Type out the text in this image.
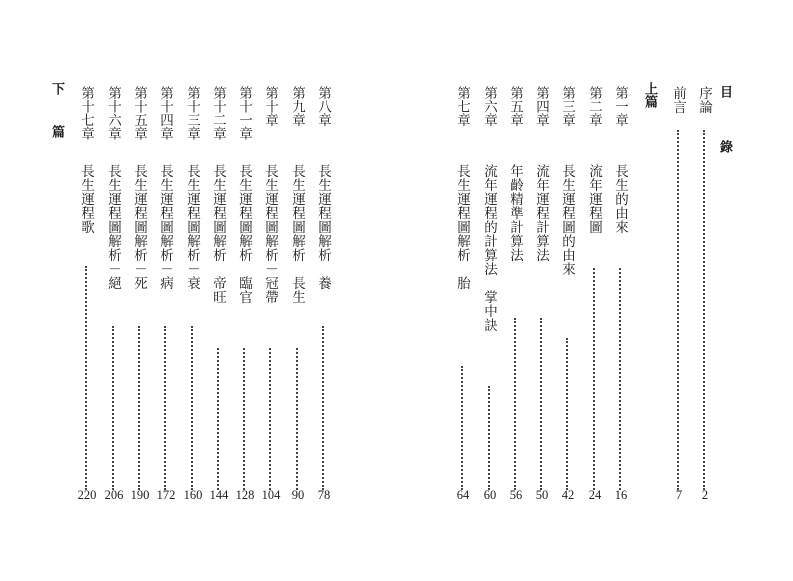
目錄
序論
2
前言
7
上篇
第一章
長生的由來
16
第二章
流年運程圖
24
第三章
長生運程圖的由來
42
第四章
流年運程計算法
50
第五章
年齡精準計算法
56
第六章
流年運程的計算法　掌中訣
60
第七章
長生運程圖解析　胎
64
第八章
長生運程圖解析　養
78
第九章
長生運程圖解析　長生
90
第十章
長生運程圖解析－冠帶
104
第十一章
長生運程圖解析　臨官
128
第十二章
長生運程圖解析　帝旺
144
第十三章
長生運程圖解析－衰
160
第十四章
長生運程圖解析－病
172
第十五章
長生運程圖解析－死
190
第十六章
長生運程圖解析－絕
206
第十七章
長生運程歌
220
下篇
